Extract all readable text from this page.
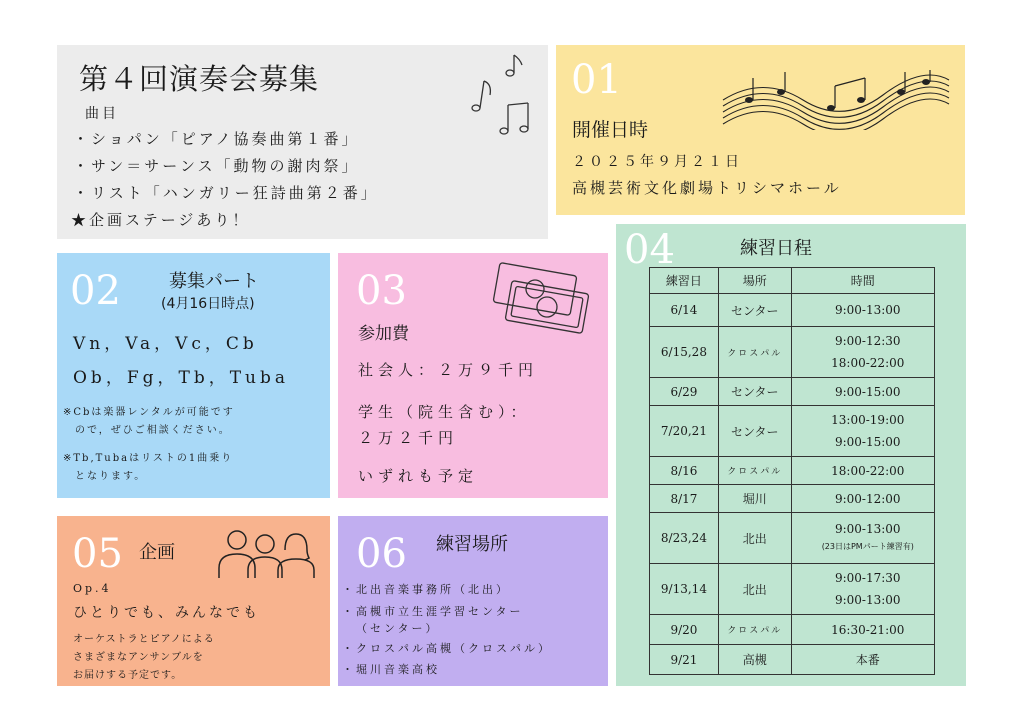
第４回演奏会募集
曲目
・ショパン「ピアノ協奏曲第１番」
・サン＝サーンス「動物の謝肉祭」
・リスト「ハンガリー狂詩曲第２番」
★企画ステージあり！
01
開催日時
２０２５年９月２１日
高槻芸術文化劇場トリシマホール
02	募集パート
(4月16日時点)
Vn，Va，Vc，Cb
Ob，Fg，Tb，Tuba
※Cbは楽器レンタルが可能です
ので，ぜひご相談ください。
※Tb,Tubaはリストの1曲乗り
となります。
03
参加費
社会人：２万９千円
学生（院生含む）：
２万２千円
いずれも予定
04	練習日程
練習日	場所	時間
6/14	センター	9:00-13:00

6/15,28	クロスパル	9:00-12:30
18:00-22:00

6/29	センター	9:00-15:00

7/20,21	センター	13:00-19:00
9:00-15:00

8/16	クロスパル	18:00-22:00

8/17	堀川	9:00-12:00

8/23,24	北出	9:00-13:00
(23日はPMパート練習有)

9/13,14	北出	9:00-17:30
9:00-13:00

9/20	クロスパル	16:30-21:00

9/21	高槻	本番
05 企画
Op.4
ひとりでも、みんなでも
オーケストラとピアノによる
さまざまなアンサンブルを
お届けする予定です。
06 練習場所
・北出音楽事務所（北出）
・高槻市立生涯学習センター
（センター）
・クロスパル高槻（クロスパル）
・堀川音楽高校
